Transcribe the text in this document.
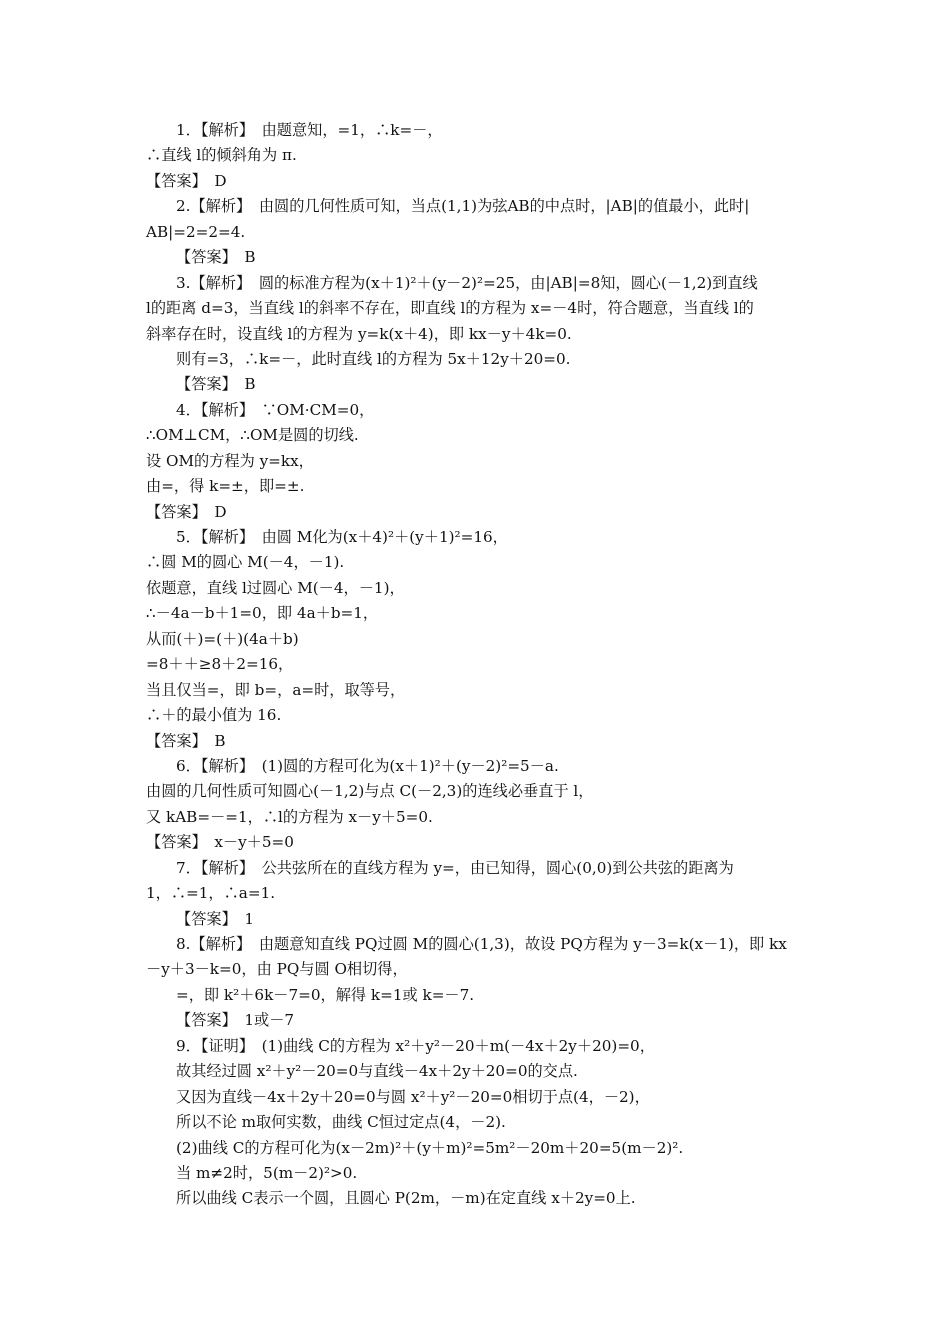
1．【解析】　由题意知，=1，∴k=－，
∴直线 l的倾斜角为 π.
【答案】　D
2.【解析】　由圆的几何性质可知，当点(1,1)为弦AB的中点时，|AB|的值最小，此时|
AB|=2=2=4.
【答案】　B
3.【解析】　圆的标准方程为(x＋1)²＋(y－2)²=25，由|AB|=8知，圆心(－1,2)到直线
l的距离 d=3，当直线 l的斜率不存在，即直线 l的方程为 x=－4时，符合题意，当直线 l的
斜率存在时，设直线 l的方程为 y=k(x＋4)，即 kx－y＋4k=0.
则有=3，∴k=－，此时直线 l的方程为 5x＋12y＋20=0.
【答案】　B
4．【解析】　∵OM·CM=0，
∴OM⊥CM，∴OM是圆的切线.
设 OM的方程为 y=kx，
由=，得 k=±，即=±.
【答案】　D
5．【解析】　由圆 M化为(x＋4)²＋(y＋1)²=16，
∴圆 M的圆心 M(－4，－1).
依题意，直线 l过圆心 M(－4，－1)，
∴－4a－b＋1=0，即 4a＋b=1，
从而(＋)=(＋)(4a＋b)
=8＋＋≥8＋2=16，
当且仅当=，即 b=，a=时，取等号，
∴＋的最小值为 16.
【答案】　B
6．【解析】　(1)圆的方程可化为(x＋1)²＋(y－2)²=5－a.
由圆的几何性质可知圆心(－1,2)与点 C(－2,3)的连线必垂直于 l，
又 kAB=－=1，∴l的方程为 x－y＋5=0.
【答案】　x－y＋5=0
7．【解析】　公共弦所在的直线方程为 y=，由已知得，圆心(0,0)到公共弦的距离为
1，∴=1，∴a=1.
【答案】　1
8.【解析】　由题意知直线 PQ过圆 M的圆心(1,3)，故设 PQ方程为 y－3=k(x－1)，即 kx
－y＋3－k=0，由 PQ与圆 O相切得，
=，即 k²＋6k－7=0，解得 k=1或 k=－7.
【答案】　1或－7
9．【证明】　(1)曲线 C的方程为 x²＋y²－20＋m(－4x＋2y＋20)=0，
故其经过圆 x²＋y²－20=0与直线－4x＋2y＋20=0的交点.
又因为直线－4x＋2y＋20=0与圆 x²＋y²－20=0相切于点(4，－2)，
所以不论 m取何实数，曲线 C恒过定点(4，－2).
(2)曲线 C的方程可化为(x－2m)²＋(y＋m)²=5m²－20m＋20=5(m－2)².
当 m≠2时，5(m－2)²>0.
所以曲线 C表示一个圆，且圆心 P(2m，－m)在定直线 x＋2y=0上.
